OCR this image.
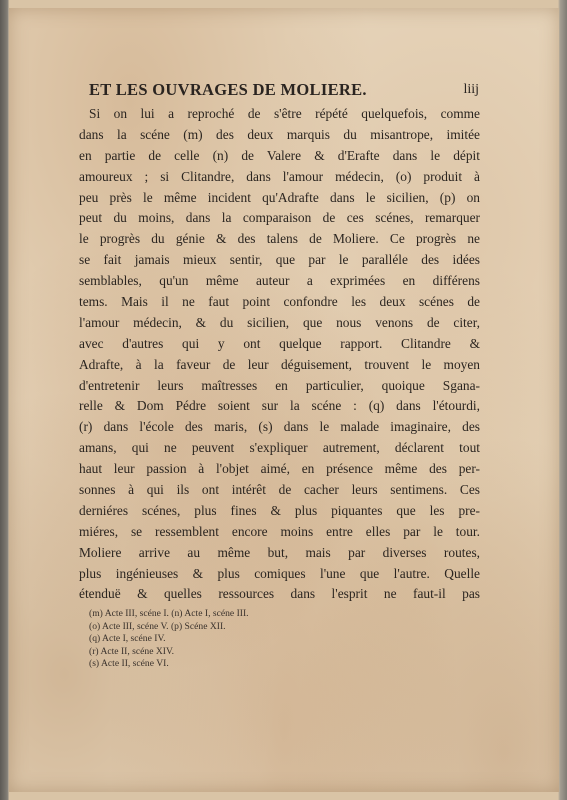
ET LES OUVRAGES DE MOLIERE.	liij
Si on lui a reproché de s'être répété quelquefois, comme
dans la scéne (m) des deux marquis du misantrope, imitée
en partie de celle (n) de Valere & d'Erafte dans le dépit
amoureux ; si Clitandre, dans l'amour médecin, (o) produit à
peu près le même incident qu'Adrafte dans le sicilien, (p) on
peut du moins, dans la comparaison de ces scénes, remarquer
le progrès du génie & des talens de Moliere. Ce progrès ne
se fait jamais mieux sentir, que par le paralléle des idées
semblables, qu'un même auteur a exprimées en différens
tems. Mais il ne faut point confondre les deux scénes de
l'amour médecin, & du sicilien, que nous venons de citer,
avec d'autres qui y ont quelque rapport. Clitandre &
Adrafte, à la faveur de leur déguisement, trouvent le moyen
d'entretenir leurs maîtresses en particulier, quoique Sgana-
relle & Dom Pédre soient sur la scéne : (q) dans l'étourdi,
(r) dans l'école des maris, (s) dans le malade imaginaire, des
amans, qui ne peuvent s'expliquer autrement, déclarent tout
haut leur passion à l'objet aimé, en présence même des per-
sonnes à qui ils ont intérêt de cacher leurs sentimens. Ces
derniéres scénes, plus fines & plus piquantes que les pre-
miéres, se ressemblent encore moins entre elles par le tour.
Moliere arrive au même but, mais par diverses routes,
plus ingénieuses & plus comiques l'une que l'autre. Quelle
étenduë & quelles ressources dans l'esprit ne faut-il pas
(m) Acte III, scéne I. (n) Acte I, scéne III.
(o) Acte III, scéne V. (p) Scéne XII.
(q) Acte I, scéne IV.
(r) Acte II, scéne XIV.
(s) Acte II, scéne VI.
